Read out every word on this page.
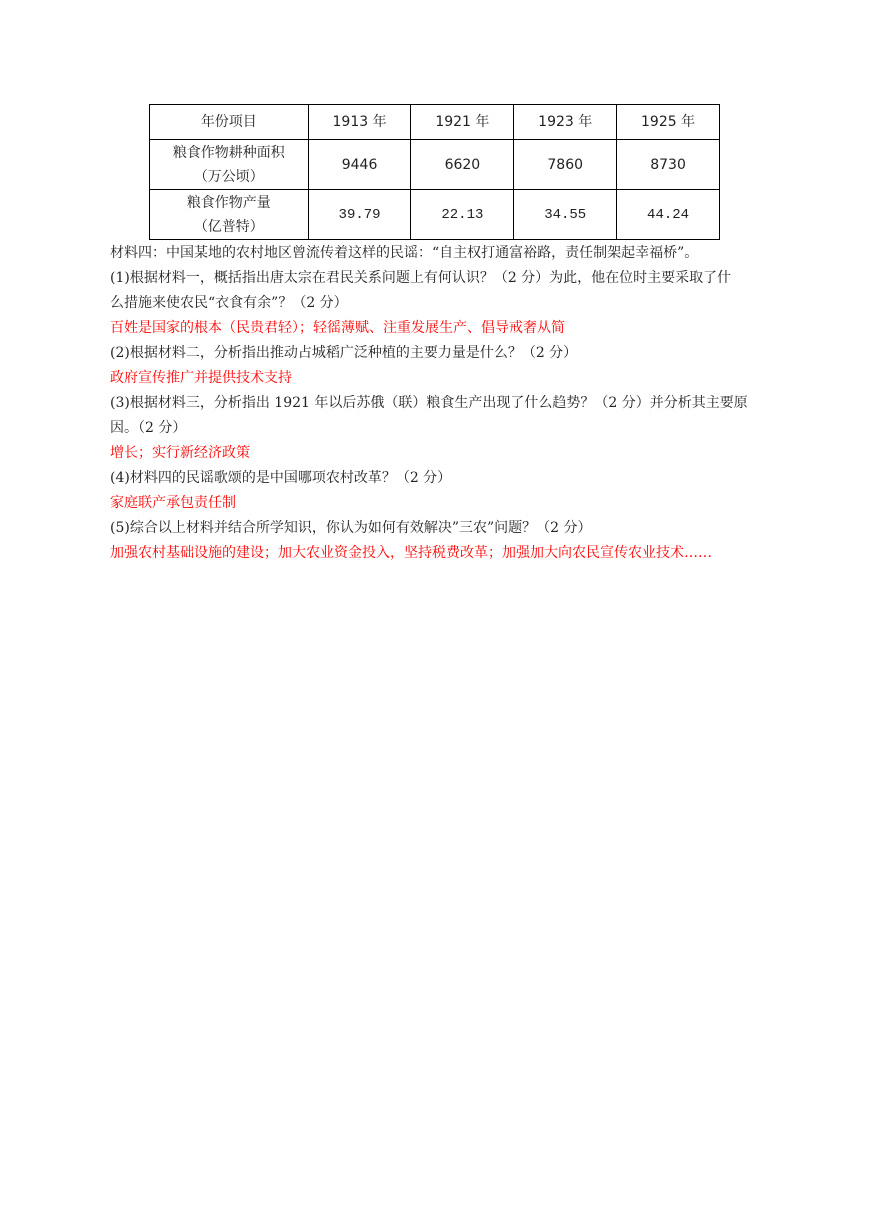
年份项目	1913 年	1921 年	1923 年	1925 年

粮食作物耕种面积
（万公顷）	9446	6620	7860	8730

粮食作物产量
（亿普特）	39.79	22.13	34.55	44.24
材料四：中国某地的农村地区曾流传着这样的民谣：“自主权打通富裕路，责任制架起幸福桥”。
(1)根据材料一，概括指出唐太宗在君民关系问题上有何认识？（2 分）为此，他在位时主要采取了什
么措施来使农民“衣食有余”？（2 分）
百姓是国家的根本（民贵君轻）；轻徭薄赋、注重发展生产、倡导戒奢从简
(2)根据材料二，分析指出推动占城稻广泛种植的主要力量是什么？（2 分）
政府宣传推广并提供技术支持
(3)根据材料三，分析指出 1921 年以后苏俄（联）粮食生产出现了什么趋势？（2 分）并分析其主要原
因。（2 分）
增长；实行新经济政策
(4)材料四的民谣歌颂的是中国哪项农村改革？（2 分）
家庭联产承包责任制
(5)综合以上材料并结合所学知识，你认为如何有效解决”三农”问题？（2 分）
加强农村基础设施的建设；加大农业资金投入，坚持税费改革；加强加大向农民宣传农业技术……
